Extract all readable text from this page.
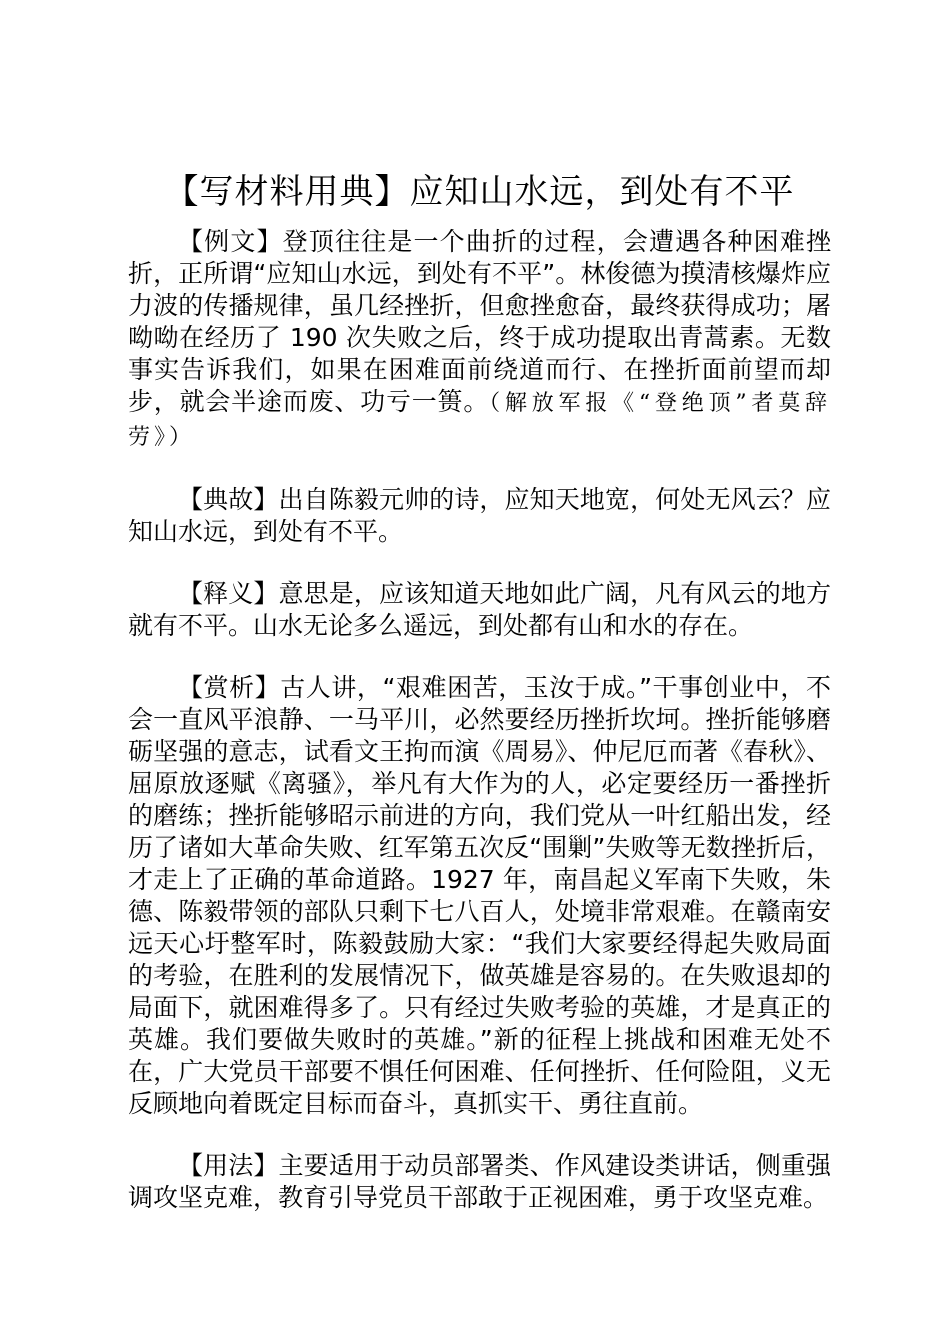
【写材料用典】应知山水远，到处有不平

【例文】登顶往往是一个曲折的过程，会遭遇各种困难挫折，正所谓“应知山水远，到处有不平”。林俊德为摸清核爆炸应力波的传播规律，虽几经挫折，但愈挫愈奋，最终获得成功；屠呦呦在经历了 190 次失败之后，终于成功提取出青蒿素。无数事实告诉我们，如果在困难面前绕道而行、在挫折面前望而却步，就会半途而废、功亏一篑。（解放军报《“登绝顶”者莫辞劳》）

【典故】出自陈毅元帅的诗，应知天地宽，何处无风云？应知山水远，到处有不平。

【释义】意思是，应该知道天地如此广阔，凡有风云的地方就有不平。山水无论多么遥远，到处都有山和水的存在。

【赏析】古人讲，“艰难困苦，玉汝于成。”干事创业中，不会一直风平浪静、一马平川，必然要经历挫折坎坷。挫折能够磨砺坚强的意志，试看文王拘而演《周易》、仲尼厄而著《春秋》、屈原放逐赋《离骚》，举凡有大作为的人，必定要经历一番挫折的磨练；挫折能够昭示前进的方向，我们党从一叶红船出发，经历了诸如大革命失败、红军第五次反“围剿”失败等无数挫折后，才走上了正确的革命道路。1927 年，南昌起义军南下失败，朱德、陈毅带领的部队只剩下七八百人，处境非常艰难。在赣南安远天心圩整军时，陈毅鼓励大家：“我们大家要经得起失败局面的考验，在胜利的发展情况下，做英雄是容易的。在失败退却的局面下，就困难得多了。只有经过失败考验的英雄，才是真正的英雄。我们要做失败时的英雄。”新的征程上挑战和困难无处不在，广大党员干部要不惧任何困难、任何挫折、任何险阻，义无反顾地向着既定目标而奋斗，真抓实干、勇往直前。

【用法】主要适用于动员部署类、作风建设类讲话，侧重强调攻坚克难，教育引导党员干部敢于正视困难，勇于攻坚克难。
